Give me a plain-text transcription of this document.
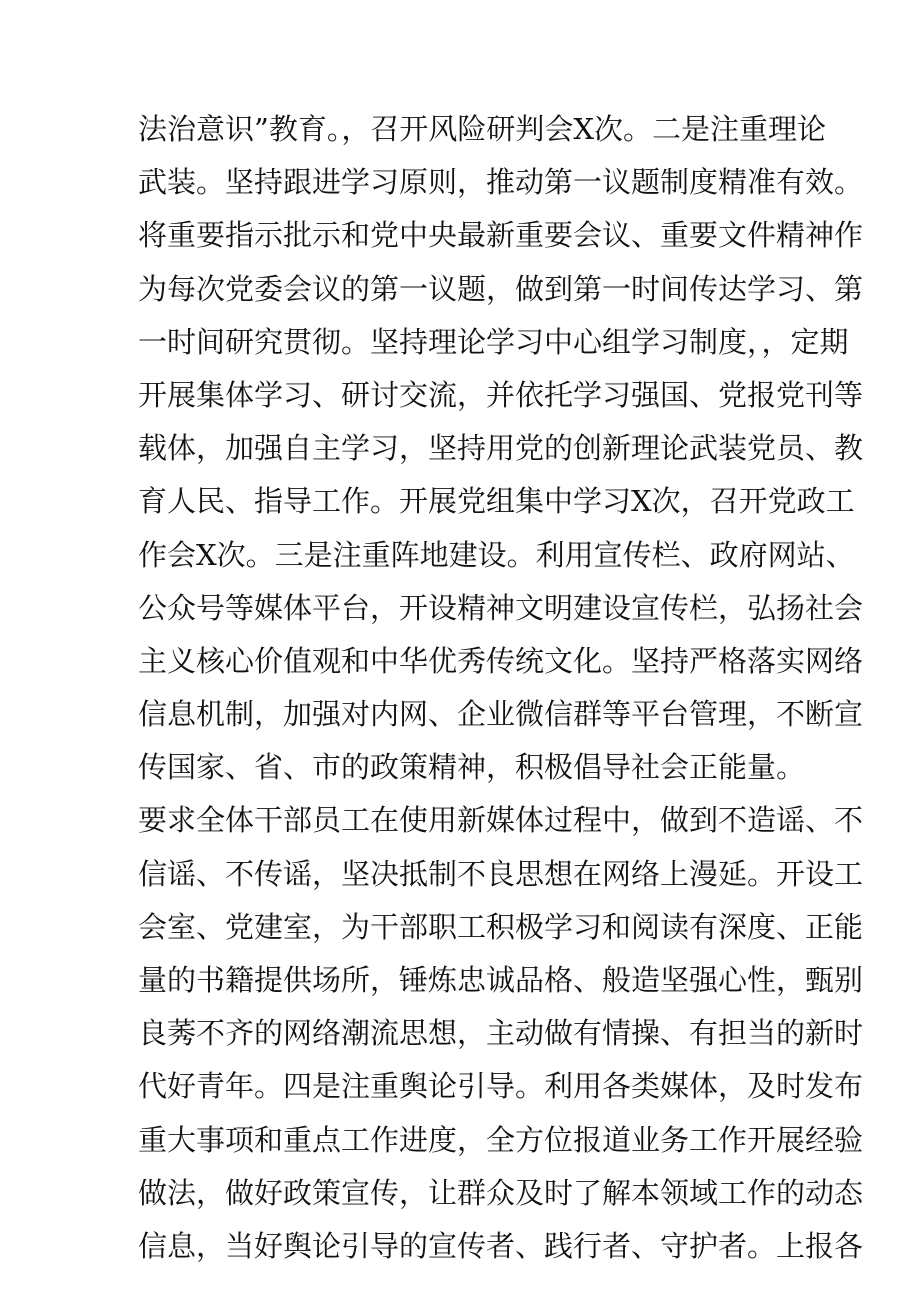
法治意识”教育。，召开风险研判会X次。二是注重理论
武装。坚持跟进学习原则，推动第一议题制度精准有效。
将重要指示批示和党中央最新重要会议、重要文件精神作
为每次党委会议的第一议题，做到第一时间传达学习、第
一时间研究贯彻。坚持理论学习中心组学习制度，，定期
开展集体学习、研讨交流，并依托学习强国、党报党刊等
载体，加强自主学习，坚持用党的创新理论武装党员、教
育人民、指导工作。开展党组集中学习X次，召开党政工
作会X次。三是注重阵地建设。利用宣传栏、政府网站、
公众号等媒体平台，开设精神文明建设宣传栏，弘扬社会
主义核心价值观和中华优秀传统文化。坚持严格落实网络
信息机制，加强对内网、企业微信群等平台管理，不断宣
传国家、省、市的政策精神，积极倡导社会正能量。
要求全体干部员工在使用新媒体过程中，做到不造谣、不
信谣、不传谣，坚决抵制不良思想在网络上漫延。开设工
会室、党建室，为干部职工积极学习和阅读有深度、正能
量的书籍提供场所，锤炼忠诚品格、般造坚强心性，甄别
良莠不齐的网络潮流思想，主动做有情操、有担当的新时
代好青年。四是注重舆论引导。利用各类媒体，及时发布
重大事项和重点工作进度，全方位报道业务工作开展经验
做法，做好政策宣传，让群众及时了解本领域工作的动态
信息，当好舆论引导的宣传者、践行者、守护者。上报各
